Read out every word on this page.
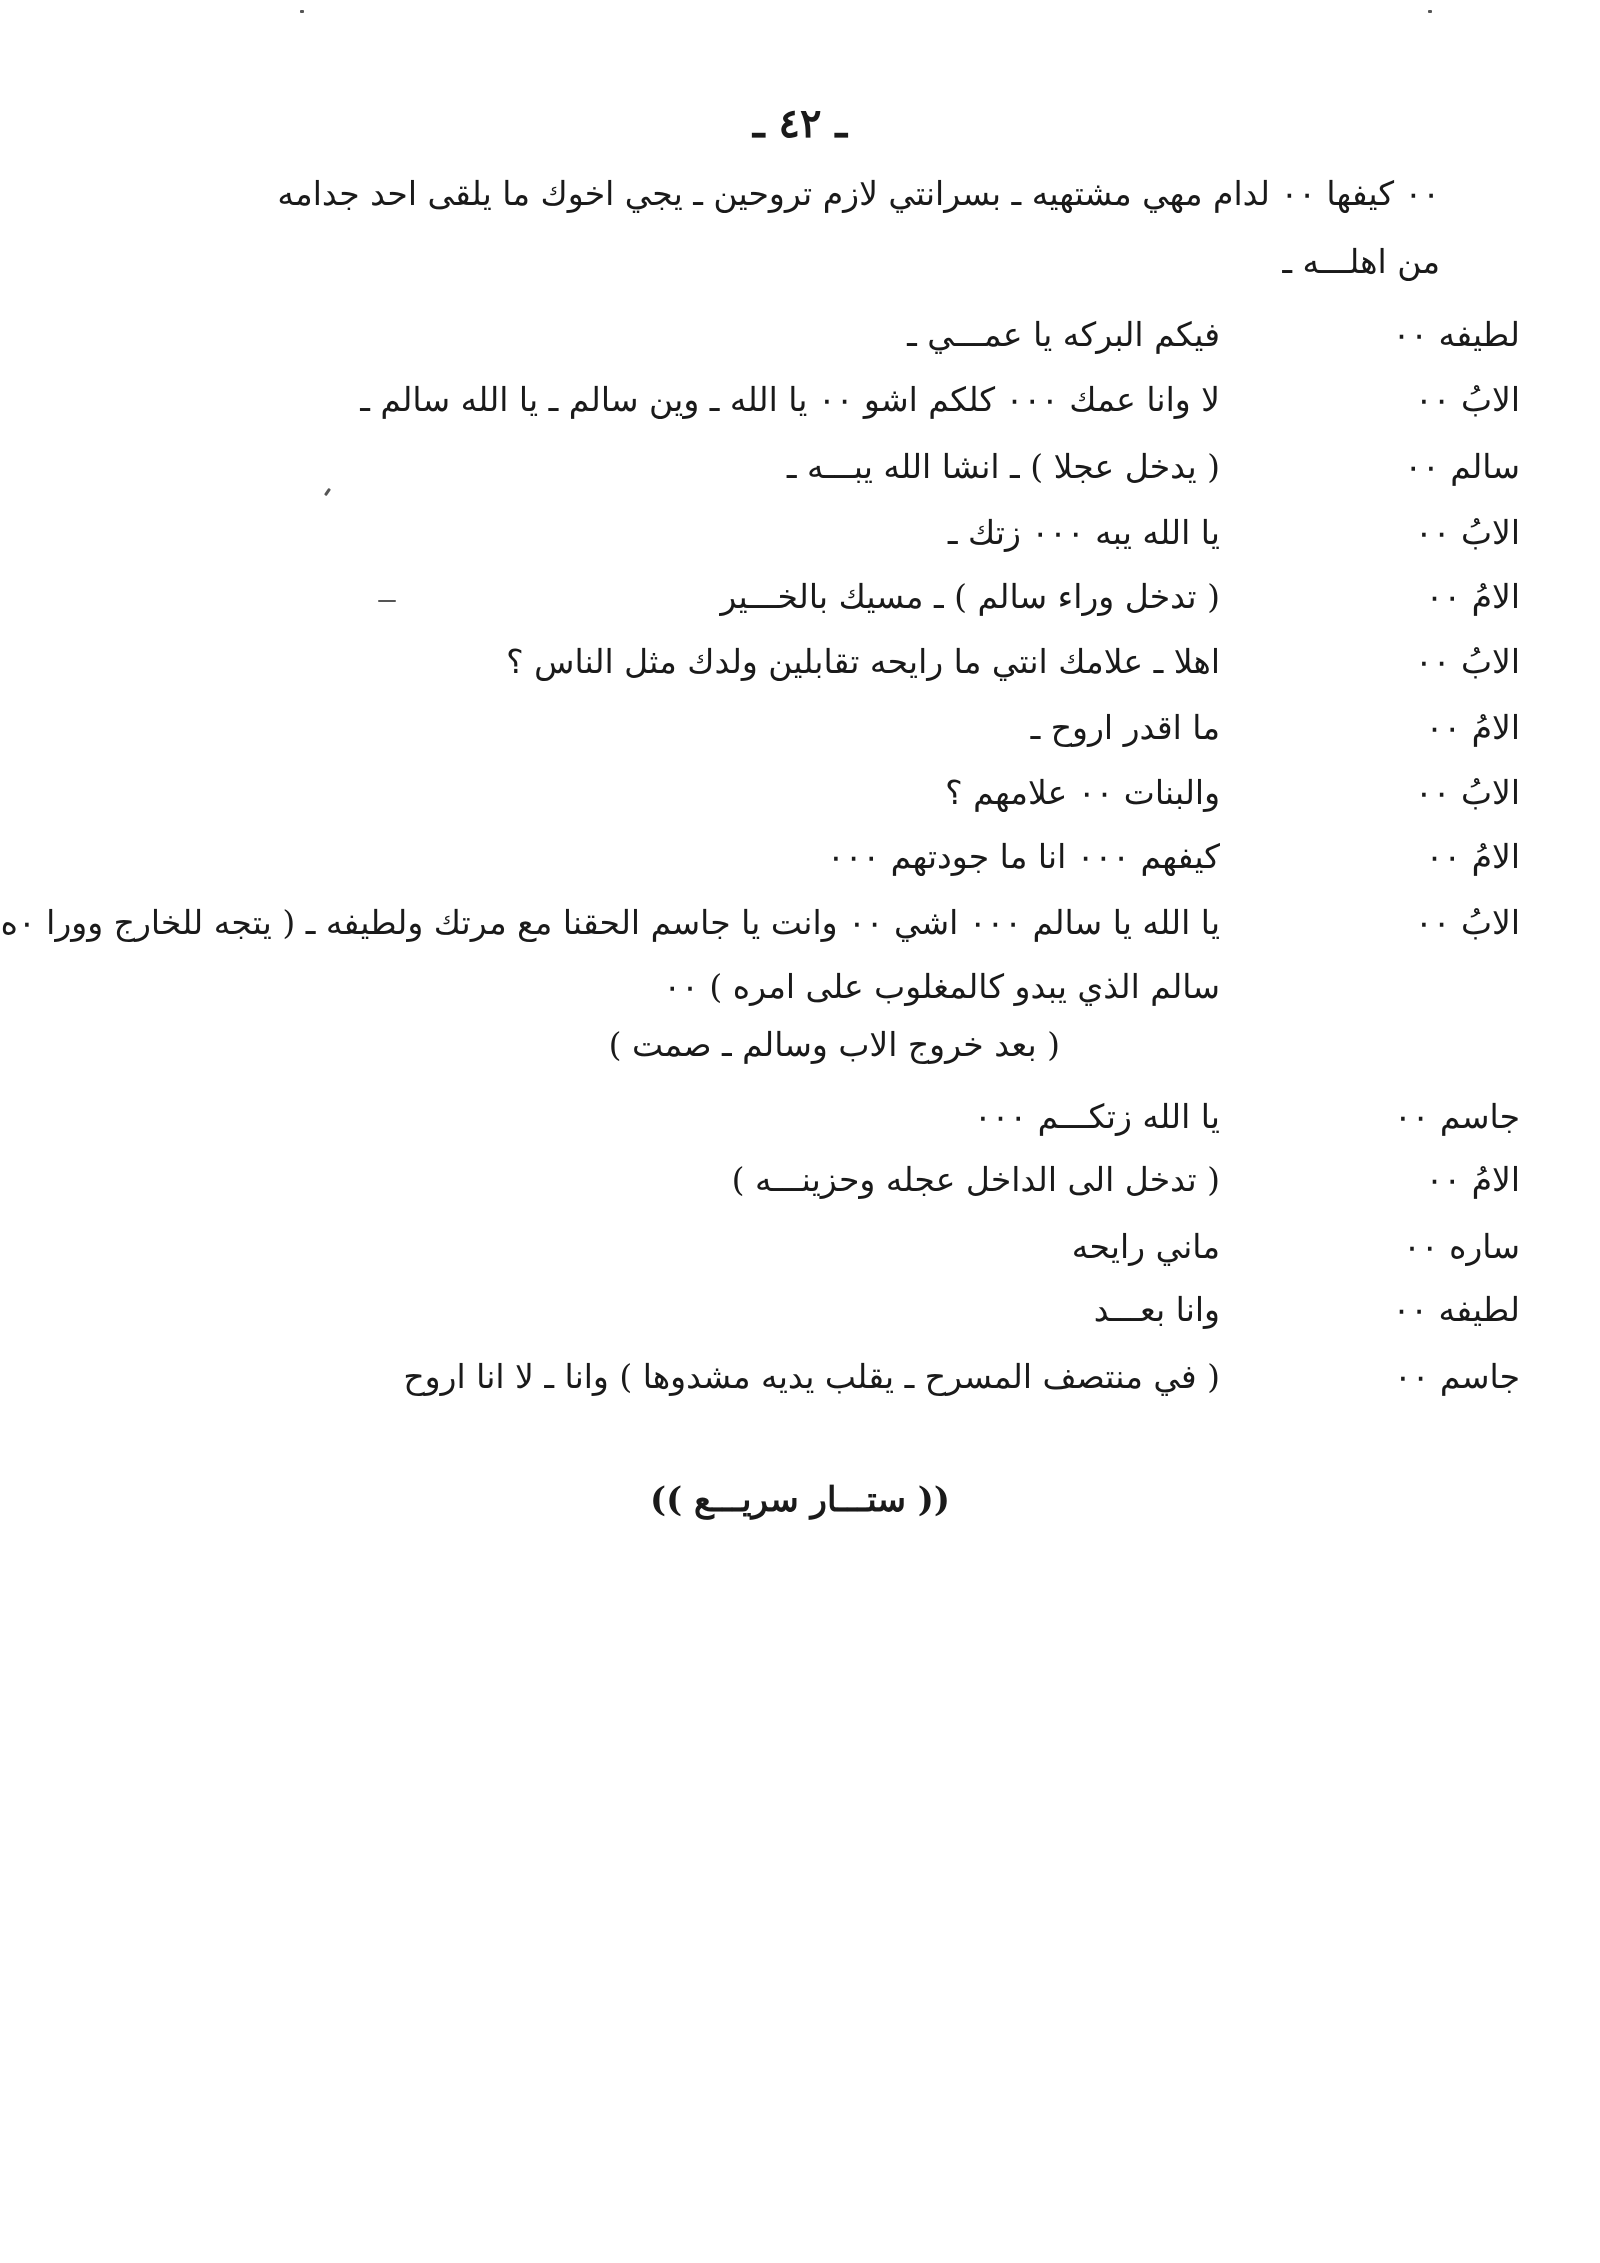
ـ ٤٢ ـ
٠٠ كيفها ٠٠ لدام مهي مشتهيه ـ بسرانتي لازم تروحين ـ يجي اخوك ما يلقى احد جدامه
من اهلـــه ـ
لطيفه ٠٠
فيكم البركه يا عمـــي ـ
الابُ ٠٠
لا وانا عمك ٠٠٠ كلكم اشو ٠٠ يا الله ـ وين سالم ـ يا الله سالم ـ
سالم ٠٠
( يدخل عجلا ) ـ انشا الله يبـــه ـ
الابُ ٠٠
يا الله يبه ٠٠٠ زتك ـ
الامُ ٠٠
( تدخل وراء سالم ) ـ مسيك بالخـــير
الابُ ٠٠
اهلا ـ علامك انتي ما رايحه تقابلين ولدك مثل الناس ؟
الامُ ٠٠
ما اقدر اروح ـ
الابُ ٠٠
والبنات ٠٠ علامهم ؟
الامُ ٠٠
كيفهم ٠٠٠ انا ما جودتهم ٠٠٠
الابُ ٠٠
يا الله يا سالم ٠٠٠ اشي ٠٠ وانت يا جاسم الحقنا مع مرتك ولطيفه ـ ( يتجه للخارج وورا ٠ه
سالم الذي يبدو كالمغلوب على امره ) ٠٠
( بعد خروج الاب وسالم ـ صمت )
جاسم ٠٠
يا الله زتكـــم ٠٠٠
الامُ ٠٠
( تدخل الى الداخل عجله وحزينـــه )
ساره ٠٠
ماني رايحه
لطيفه ٠٠
وانا بعـــد
جاسم ٠٠
( في منتصف المسرح ـ يقلب يديه مشدوها ) وانا ـ لا انا اروح
(( ستـــار سريـــع ))
